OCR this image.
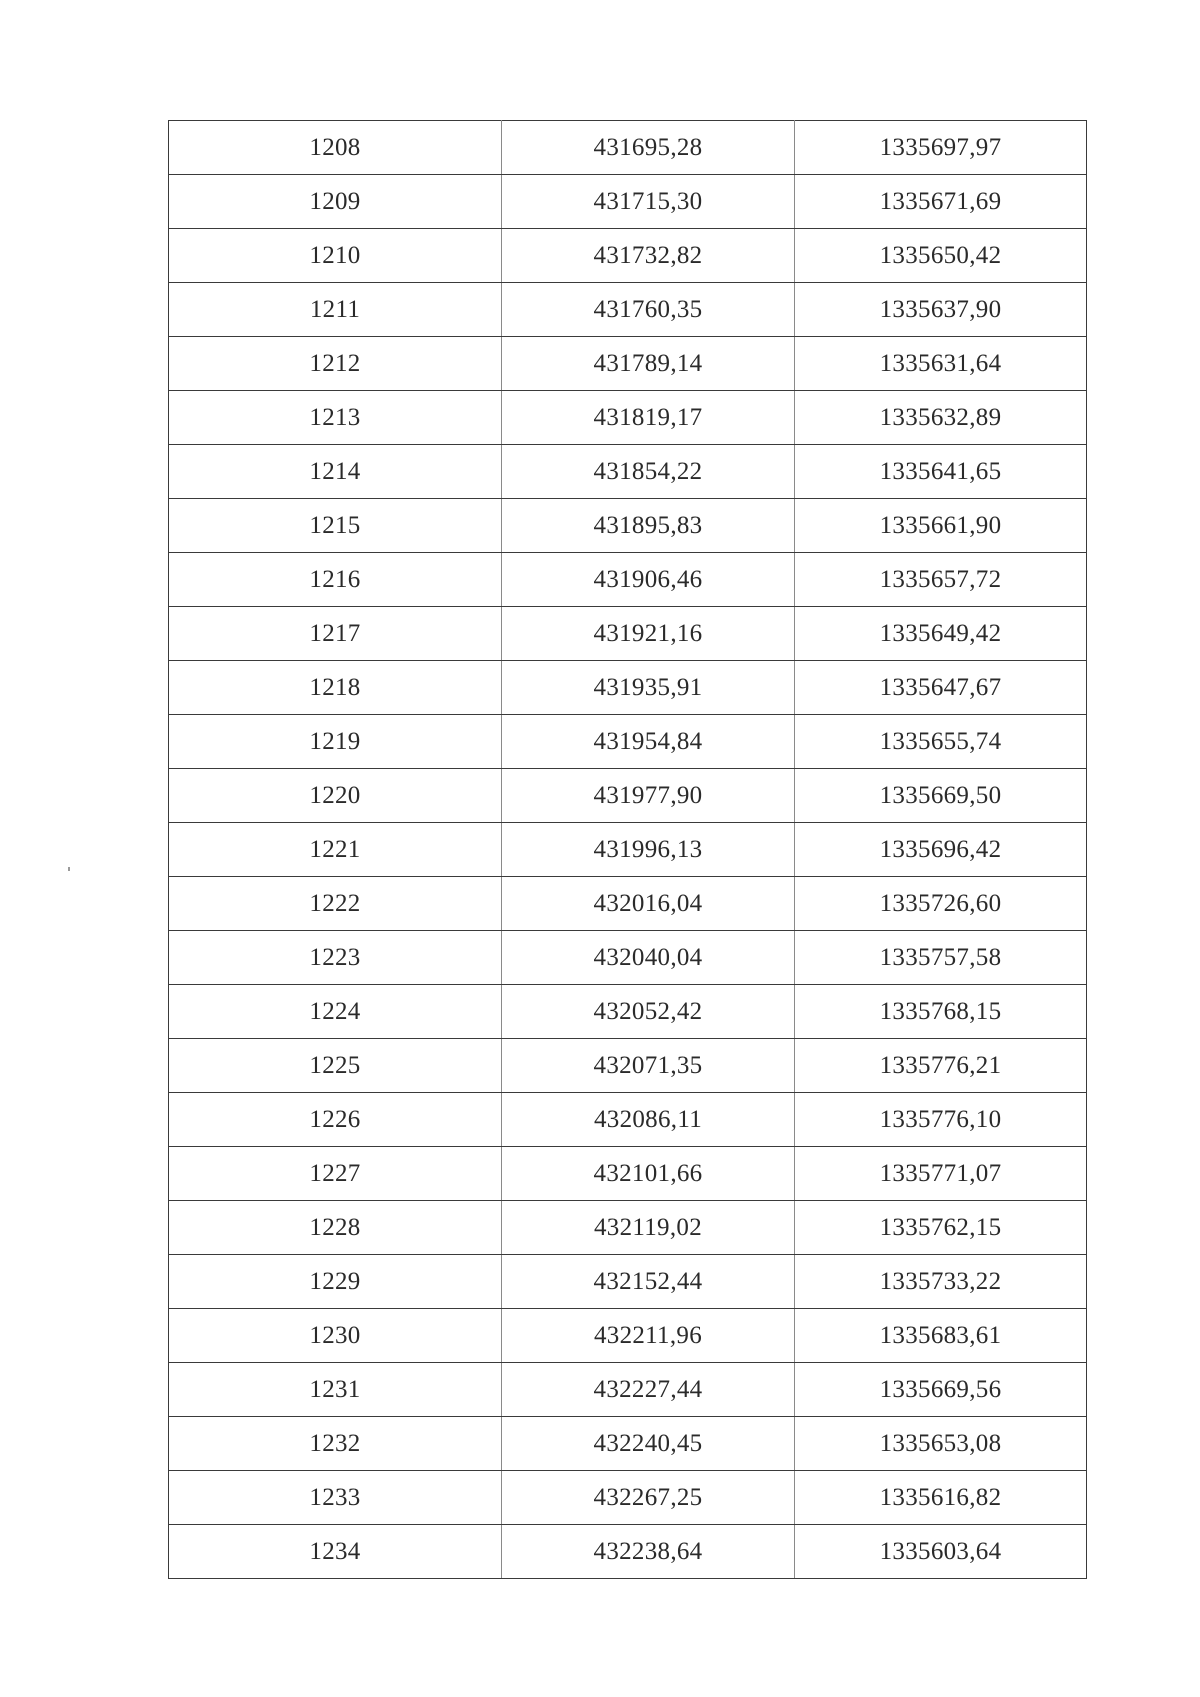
1208	431695,28	1335697,97
1209	431715,30	1335671,69
1210	431732,82	1335650,42
1211	431760,35	1335637,90
1212	431789,14	1335631,64
1213	431819,17	1335632,89
1214	431854,22	1335641,65
1215	431895,83	1335661,90
1216	431906,46	1335657,72
1217	431921,16	1335649,42
1218	431935,91	1335647,67
1219	431954,84	1335655,74
1220	431977,90	1335669,50
1221	431996,13	1335696,42
1222	432016,04	1335726,60
1223	432040,04	1335757,58
1224	432052,42	1335768,15
1225	432071,35	1335776,21
1226	432086,11	1335776,10
1227	432101,66	1335771,07
1228	432119,02	1335762,15
1229	432152,44	1335733,22
1230	432211,96	1335683,61
1231	432227,44	1335669,56
1232	432240,45	1335653,08
1233	432267,25	1335616,82
1234	432238,64	1335603,64
